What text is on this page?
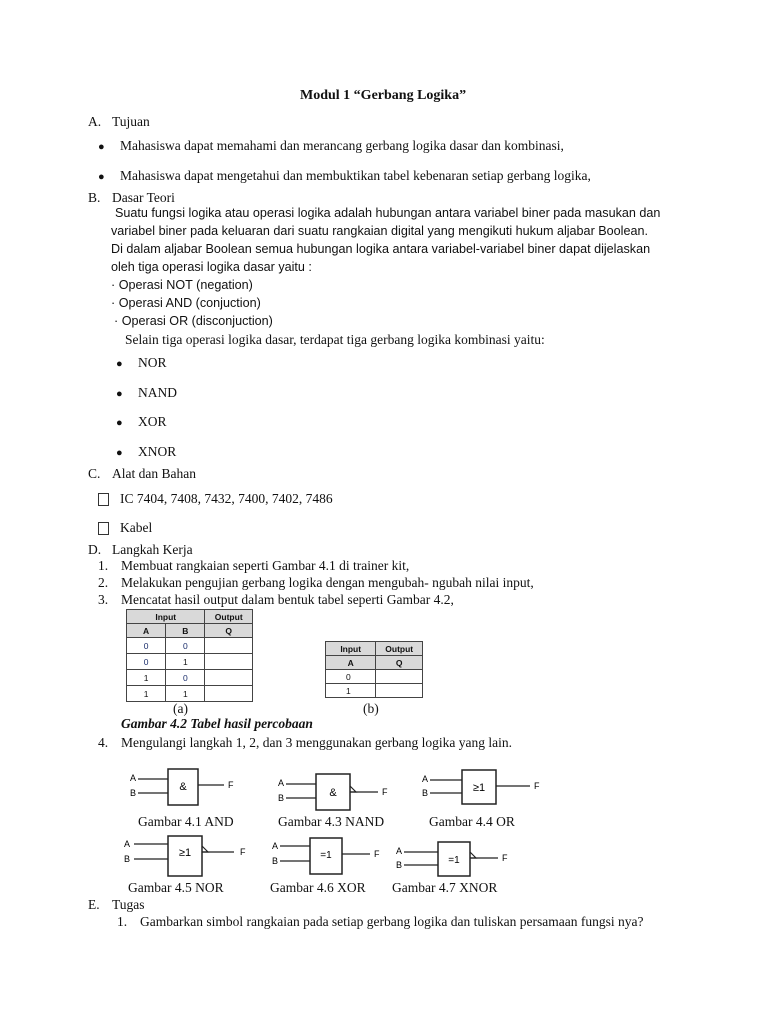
Modul 1 “Gerbang Logika”
A. Tujuan
● Mahasiswa dapat memahami dan merancang gerbang logika dasar dan kombinasi,
● Mahasiswa dapat mengetahui dan membuktikan tabel kebenaran setiap gerbang logika,
B. Dasar Teori
Suatu fungsi logika atau operasi logika adalah hubungan antara variabel biner pada masukan dan
variabel biner pada keluaran dari suatu rangkaian digital yang mengikuti hukum aljabar Boolean.
Di dalam aljabar Boolean semua hubungan logika antara variabel-variabel biner dapat dijelaskan
oleh tiga operasi logika dasar yaitu :
· Operasi NOT (negation)
· Operasi AND (conjuction)
· Operasi OR (disconjuction)
Selain tiga operasi logika dasar, terdapat tiga gerbang logika kombinasi yaitu:
● NOR
● NAND
● XOR
● XNOR
C. Alat dan Bahan
IC 7404, 7408, 7432, 7400, 7402, 7486
Kabel
D. Langkah Kerja
1. Membuat rangkaian seperti Gambar 4.1 di trainer kit,
2. Melakukan pengujian gerbang logika dengan mengubah- ngubah nilai input,
3. Mencatat hasil output dalam bentuk tabel seperti Gambar 4.2,
Input		Output
A	B	Q
0	0	
0	1	
1	0	
1	1	
Input	Output
A	Q
0	
1	
(a)	(b)
Gambar 4.2 Tabel hasil percobaan
4. Mengulangi langkah 1, 2, dan 3 menggunakan gerbang logika yang lain.
A
B	&	F
Gambar 4.1 AND
A
B	&	F
Gambar 4.3 NAND
A
B	≥1	F
Gambar 4.4 OR
A
B	≥1	F
Gambar 4.5 NOR
A
B	=1	F
Gambar 4.6 XOR
A
B	=1	F
Gambar 4.7 XNOR
E. Tugas
1. Gambarkan simbol rangkaian pada setiap gerbang logika dan tuliskan persamaan fungsi nya?
